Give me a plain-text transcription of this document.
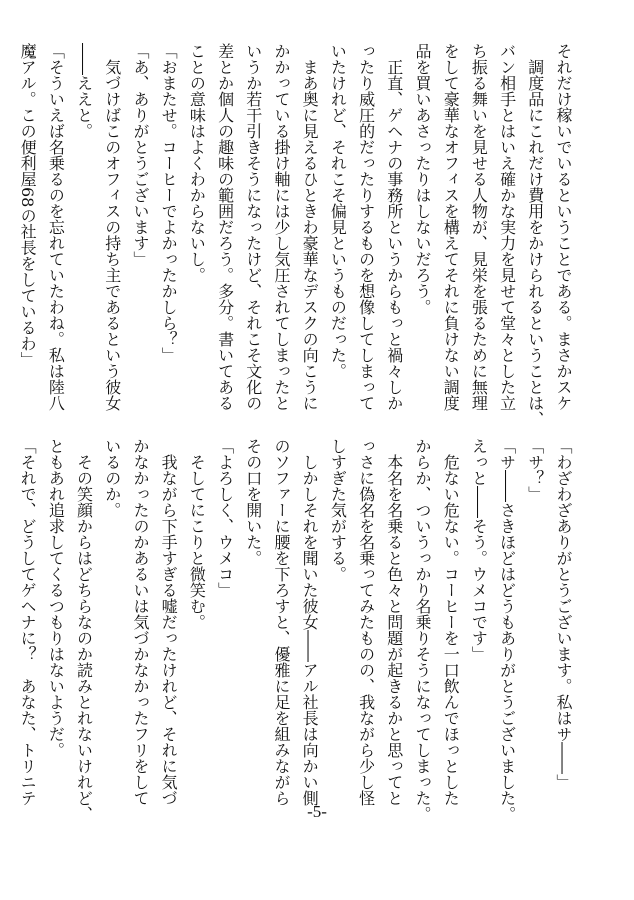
それだけ稼いでいるということである。まさかスケ
　調度品にこれだけ費用をかけられるということは、
バン相手とはいえ確かな実力を見せて堂々とした立
ち振る舞いを見せる人物が、見栄を張るために無理
をして豪華なオフィスを構えてそれに負けない調度
品を買いあさったりはしないだろう。
　正直、ゲヘナの事務所というからもっと禍々しか
ったり威圧的だったりするものを想像してしまって
いたけれど、それこそ偏見というものだった。
　まあ奥に見えるひときわ豪華なデスクの向こうに
かかっている掛け軸には少し気圧されてしまったと
いうか若干引きそうになったけど、それこそ文化の
差とか個人の趣味の範囲だろう。多分。書いてある
ことの意味はよくわからないし。
「おまたせ。コーヒーでよかったかしら？」
「あ、ありがとうございます」
　気づけばこのオフィスの持ち主であるという彼女
――ええと。
「そういえば名乗るのを忘れていたわね。私は陸八
魔アル。この便利屋68の社長をしているわ」
「わざわざありがとうございます。私はサ――」
「サ？」
「サ――さきほどはどうもありがとうございました。
えっと――そう。ウメコです」
　危ない危ない。コーヒーを一口飲んでほっとした
からか、ついうっかり名乗りそうになってしまった。
　本名を名乗ると色々と問題が起きるかと思ってと
っさに偽名を名乗ってみたものの、我ながら少し怪
しすぎた気がする。
　しかしそれを聞いた彼女――アル社長は向かい側
のソファーに腰を下ろすと、優雅に足を組みながら
その口を開いた。
「よろしく、ウメコ」
　そしてにこりと微笑む。
　我ながら下手すぎる嘘だったけれど、それに気づ
かなかったのかあるいは気づかなかったフリをして
いるのか。
　その笑顔からはどちらなのか読みとれないけれど、
ともあれ追求してくるつもりはないようだ。
「それで、どうしてゲヘナに？　あなた、トリニテ
-5-
